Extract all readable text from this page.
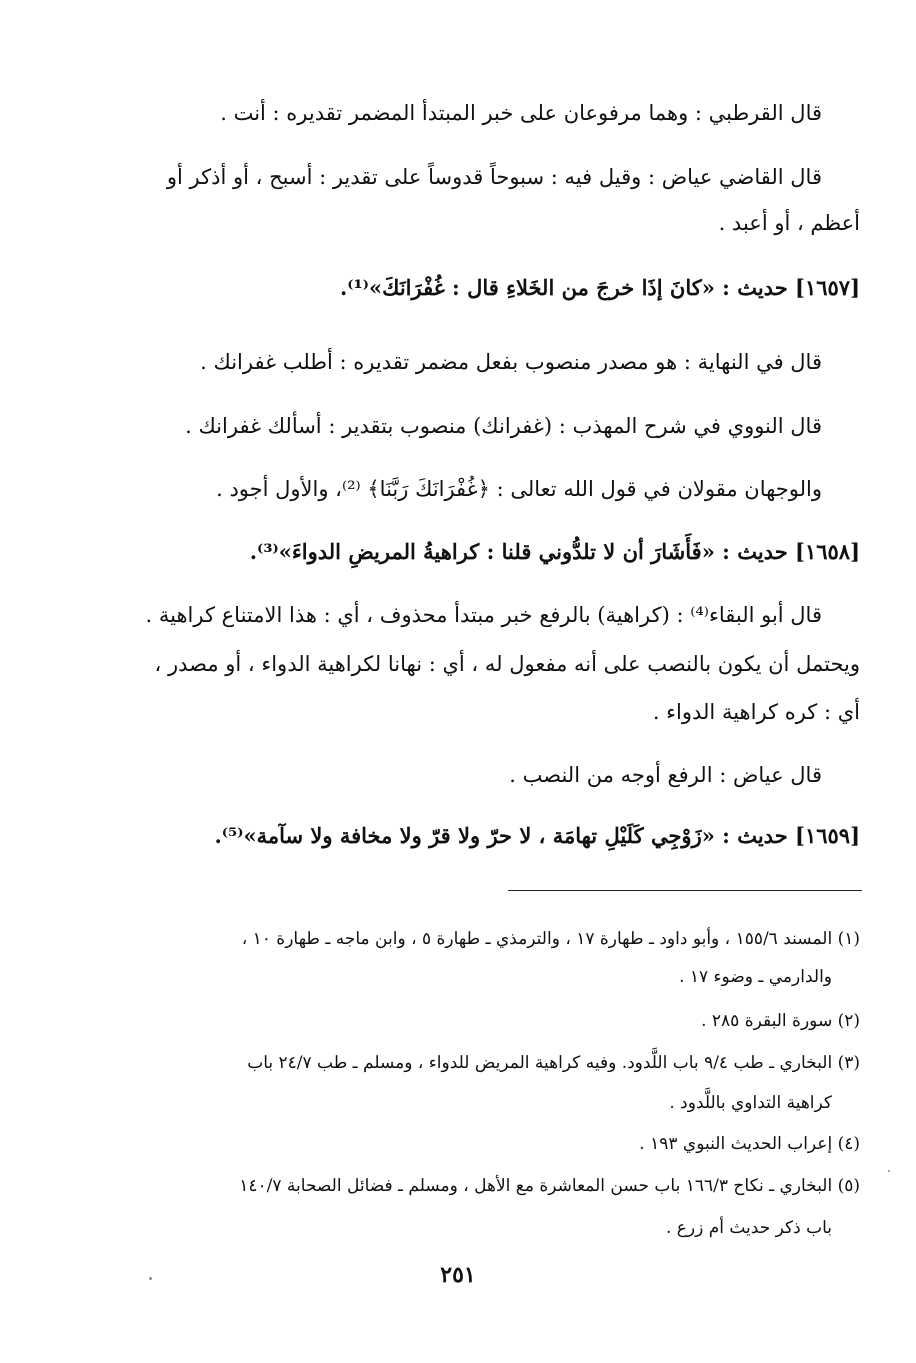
قال القرطبي : وهما مرفوعان على خبر المبتدأ المضمر تقديره : أنت .
قال القاضي عياض : وقيل فيه : سبوحاً قدوساً على تقدير : أسبح ، أو أذكر أو
أعظم ، أو أعبد .
[١٦٥٧] حديث : «كانَ إذَا خرجَ من الخَلاءِ قال : غُفْرَانَكَ»⁽¹⁾.
قال في النهاية : هو مصدر منصوب بفعل مضمر تقديره : أطلب غفرانك .
قال النووي في شرح المهذب : (غفرانك) منصوب بتقدير : أسألك غفرانك .
والوجهان مقولان في قول الله تعالى : ﴿غُفْرَانَكَ رَبَّنَا﴾ ⁽²⁾، والأول أجود .
[١٦٥٨] حديث : «فَأَشَارَ أن لا تلدُّوني قلنا : كراهيةُ المريضِ الدواءَ»⁽³⁾.
قال أبو البقاء⁽⁴⁾ : (كراهية) بالرفع خبر مبتدأ محذوف ، أي : هذا الامتناع كراهية .
ويحتمل أن يكون بالنصب على أنه مفعول له ، أي : نهانا لكراهية الدواء ، أو مصدر ،
أي : كره كراهية الدواء .
قال عياض : الرفع أوجه من النصب .
[١٦٥٩] حديث : «زَوْجِي كَلَيْلِ تهامَة ، لا حرّ ولا قرّ ولا مخافة ولا سآمة»⁽⁵⁾.
(١) المسند ١٥٥/٦ ، وأبو داود ـ طهارة ١٧ ، والترمذي ـ طهارة ٥ ، وابن ماجه ـ طهارة ١٠ ،
والدارمي ـ وضوء ١٧ .
(٢) سورة البقرة ٢٨٥ .
(٣) البخاري ـ طب ٩/٤ باب اللَّدود. وفيه كراهية المريض للدواء ، ومسلم ـ طب ٢٤/٧ باب
كراهية التداوي باللَّدود .
(٤) إعراب الحديث النبوي ١٩٣ .
(٥) البخاري ـ نكاح ١٦٦/٣ باب حسن المعاشرة مع الأهل ، ومسلم ـ فضائل الصحابة ١٤٠/٧
باب ذكر حديث أم زرع .
٢٥١
